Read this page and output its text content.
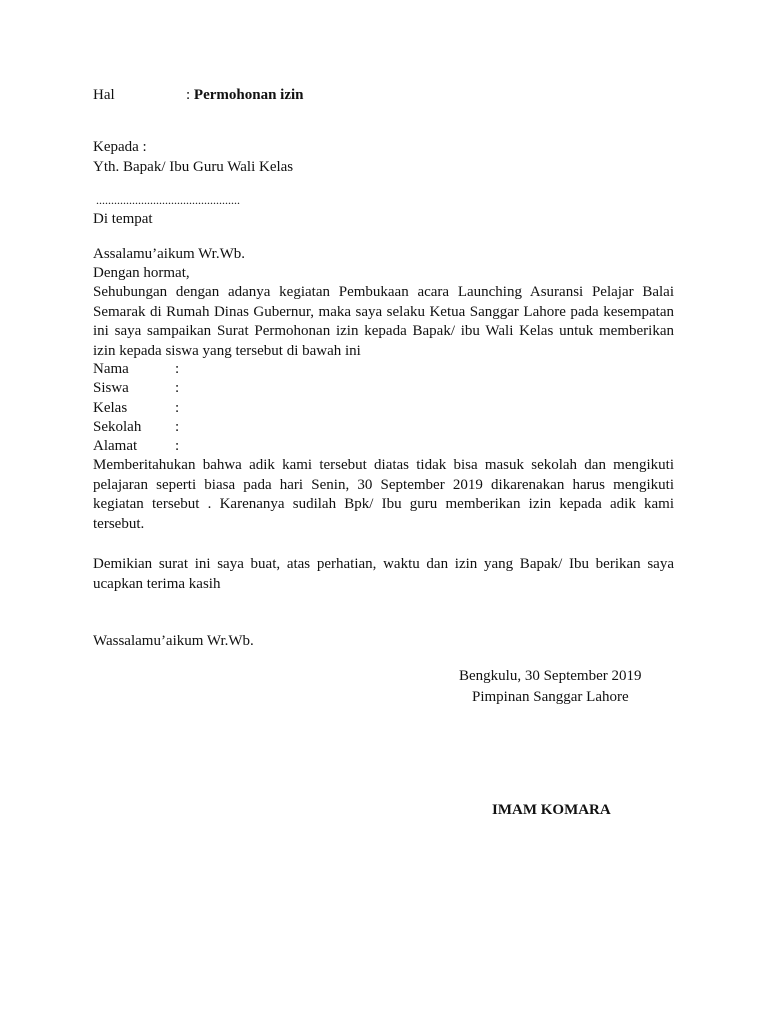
Hal	: Permohonan izin
Kepada :
Yth. Bapak/ Ibu Guru Wali Kelas
................................................
Di tempat
Assalamu’aikum Wr.Wb.
Dengan hormat,
Sehubungan dengan adanya kegiatan Pembukaan acara Launching Asuransi Pelajar Balai Semarak di Rumah Dinas Gubernur, maka saya selaku Ketua Sanggar Lahore pada kesempatan ini saya sampaikan Surat Permohonan izin kepada Bapak/ ibu Wali Kelas untuk memberikan izin kepada siswa yang tersebut di bawah ini
Nama	:
Siswa	:
Kelas	:
Sekolah :
Alamat	:
Memberitahukan bahwa adik kami tersebut diatas tidak bisa masuk sekolah dan mengikuti pelajaran seperti biasa pada hari Senin, 30 September 2019 dikarenakan harus mengikuti kegiatan tersebut . Karenanya sudilah Bpk/ Ibu guru memberikan izin kepada adik kami tersebut.
Demikian surat ini saya buat, atas perhatian, waktu dan izin yang Bapak/ Ibu berikan saya ucapkan terima kasih
Wassalamu’aikum Wr.Wb.
Bengkulu, 30 September 2019
Pimpinan Sanggar Lahore
IMAM KOMARA
